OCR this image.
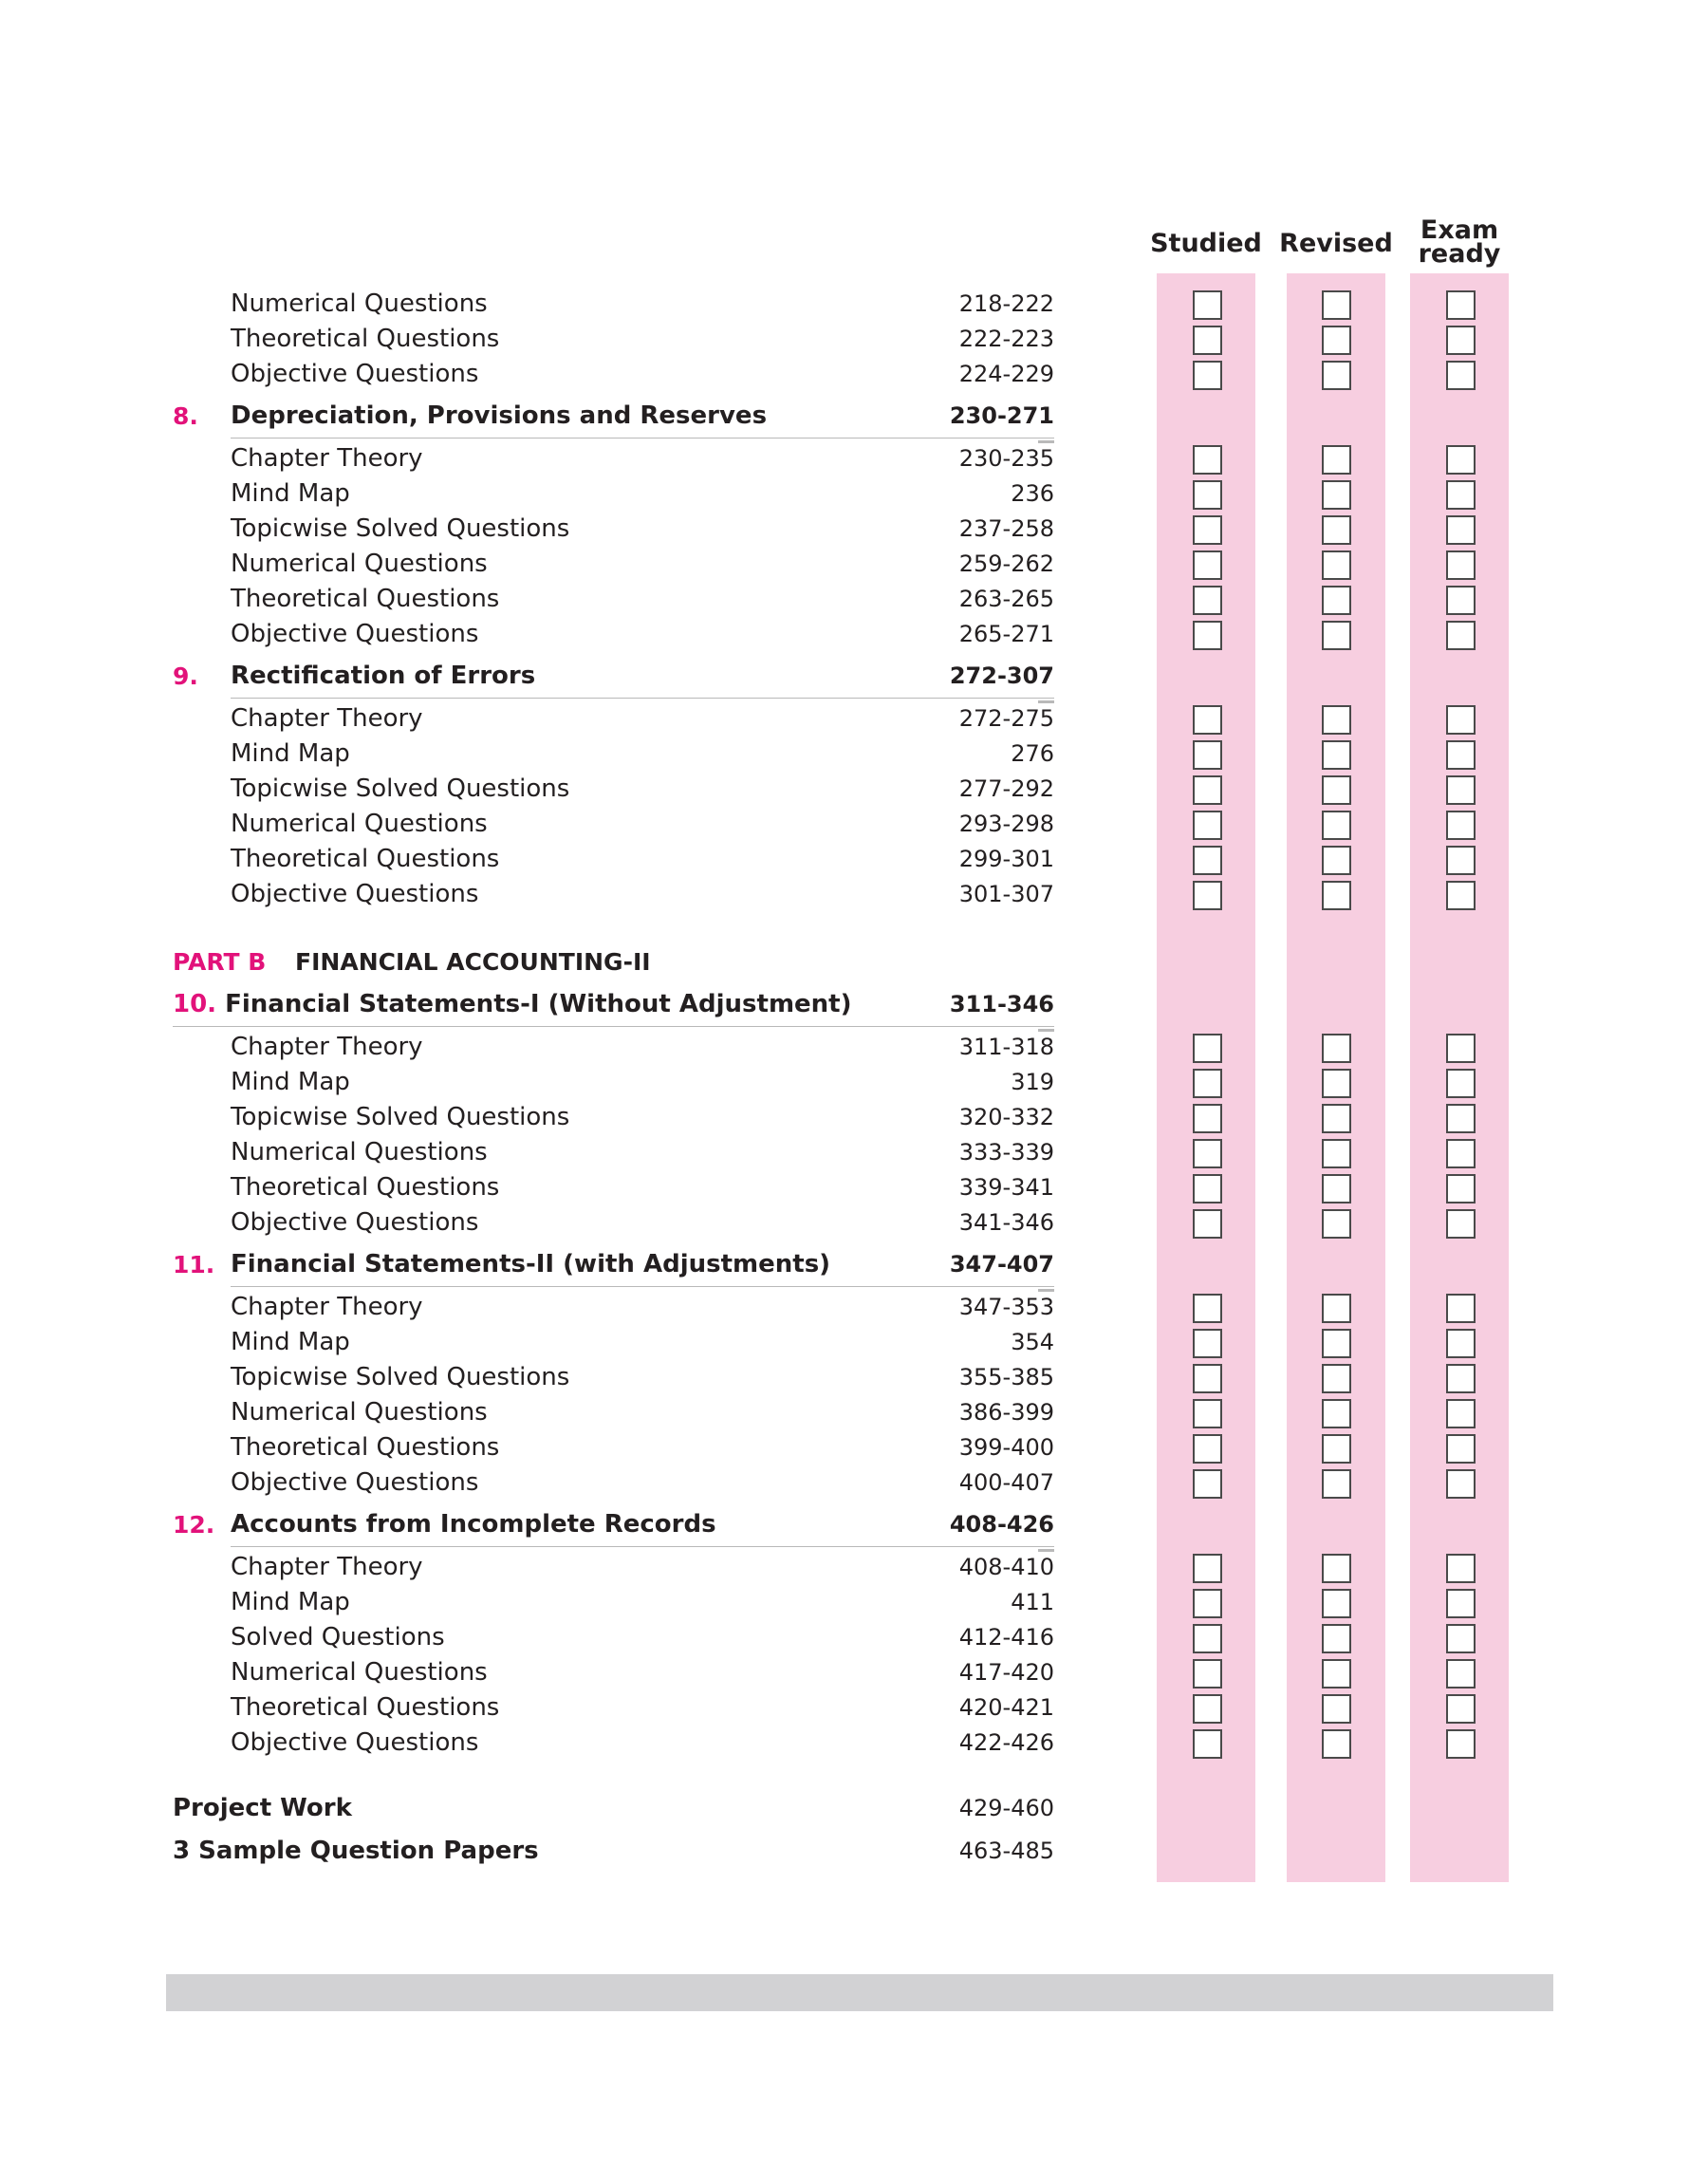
Studied Revised	Exam
ready
PART B FINANCIAL ACCOUNTING-II
Numerical Questions	218-222
Theoretical Questions	222-223
Objective Questions	224-229
8. Depreciation, Provisions and Reserves	230-271
Chapter Theory	230-235
Mind Map	236
Topicwise Solved Questions	237-258
Numerical Questions	259-262
Theoretical Questions	263-265
Objective Questions	265-271
9. Rectification of Errors	272-307
Chapter Theory	272-275
Mind Map	276
Topicwise Solved Questions	277-292
Numerical Questions	293-298
Theoretical Questions	299-301
Objective Questions	301-307
10. Financial Statements-I (Without Adjustment)	311-346
Chapter Theory	311-318
Mind Map	319
Topicwise Solved Questions	320-332
Numerical Questions	333-339
Theoretical Questions	339-341
Objective Questions	341-346
11. Financial Statements-II (with Adjustments)	347-407
Chapter Theory	347-353
Mind Map	354
Topicwise Solved Questions	355-385
Numerical Questions	386-399
Theoretical Questions	399-400
Objective Questions	400-407
12. Accounts from Incomplete Records	408-426
Chapter Theory	408-410
Mind Map	411
Solved Questions	412-416
Numerical Questions	417-420
Theoretical Questions	420-421
Objective Questions	422-426
Project Work	429-460
3 Sample Question Papers	463-485
